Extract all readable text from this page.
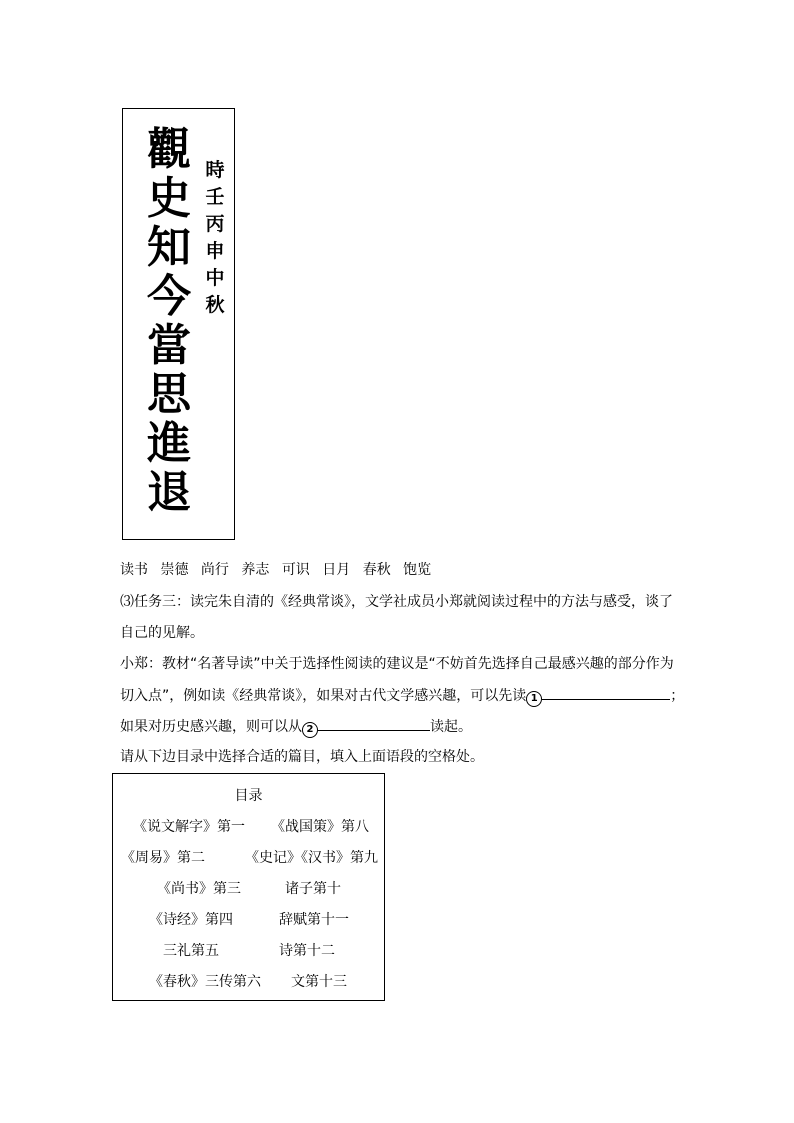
觀
史
知
今
當
思
進
退
時
壬
丙
申
中
秋
读书 崇德 尚行 养志 可识 日月 春秋 饱览
⑶任务三：读完朱自清的《经典常谈》，文学社成员小郑就阅读过程中的方法与感受，谈了
自己的见解。
小郑：教材“名著导读”中关于选择性阅读的建议是“不妨首先选择自己最感兴趣的部分作为
切入点”，例如读《经典常谈》，如果对古代文学感兴趣，可以先读 1	；
如果对历史感兴趣，则可以从 2	读起。
请从下边目录中选择合适的篇目，填入上面语段的空格处。
目录
《说文解字》第一 《战国策》第八
《周易》第二	《史记》《汉书》第九
《尚书》第三	诸子第十
《诗经》第四	辞赋第十一
三礼第五	诗第十二
《春秋》三传第六 文第十三
